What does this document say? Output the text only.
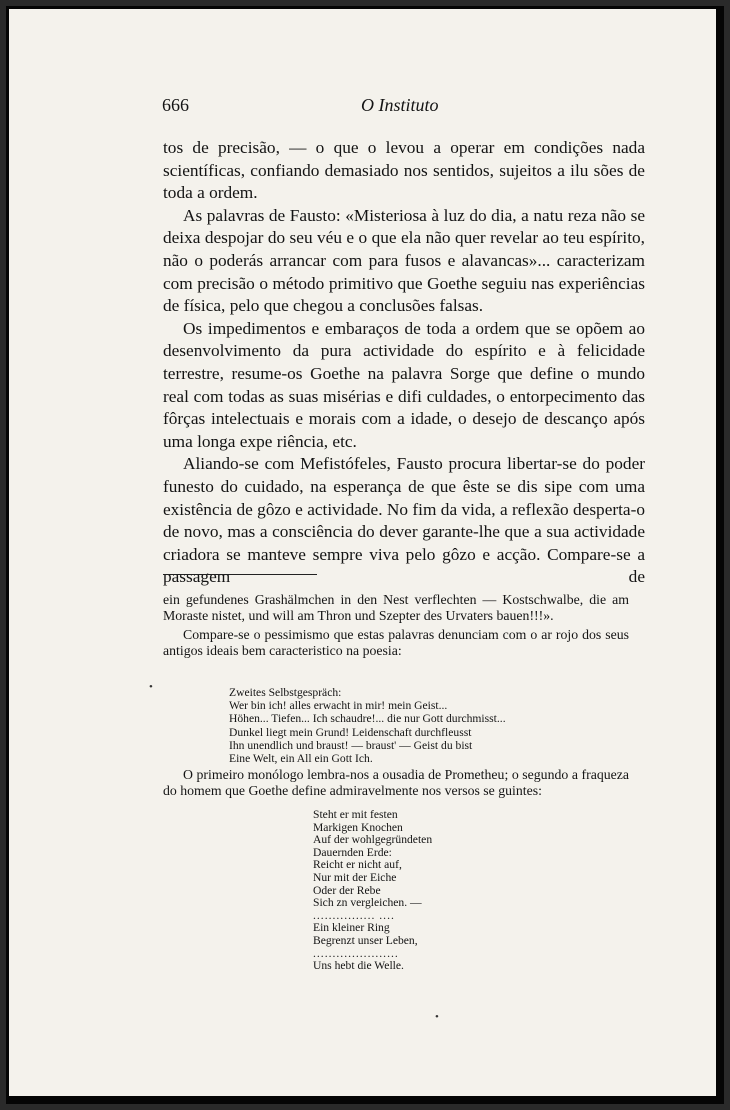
666	O Instituto

tos de precisão, — o que o levou a operar em condições nada scientíficas, confiando demasiado nos sentidos, sujeitos a ilu sões de toda a ordem.

As palavras de Fausto: «Misteriosa à luz do dia, a natu reza não se deixa despojar do seu véu e o que ela não quer revelar ao teu espírito, não o poderás arrancar com para fusos e alavancas»... caracterizam com precisão o método primitivo que Goethe seguiu nas experiências de física, pelo que chegou a conclusões falsas.

Os impedimentos e embaraços de toda a ordem que se opõem ao desenvolvimento da pura actividade do espírito e à felicidade terrestre, resume-os Goethe na palavra Sorge que define o mundo real com todas as suas misérias e difi culdades, o entorpecimento das fôrças intelectuais e morais com a idade, o desejo de descanço após uma longa expe riência, etc.

Aliando-se com Mefistófeles, Fausto procura libertar-se do poder funesto do cuidado, na esperança de que êste se dis sipe com uma existência de gôzo e actividade. No fim da vida, a reflexão desperta-o de novo, mas a consciência do dever garante-lhe que a sua actividade criadora se manteve sempre viva pelo gôzo e acção. Compare-se a passagem de

ein gefundenes Grashälmchen in den Nest verflechten — Kostschwalbe, die am Moraste nistet, und will am Thron und Szepter des Urvaters bauen!!!».

Compare-se o pessimismo que estas palavras denunciam com o ar rojo dos seus antigos ideais bem caracteristico na poesia:

Zweites Selbstgespräch:
Wer bin ich! alles erwacht in mir! mein Geist...
Höhen... Tiefen... Ich schaudre!... die nur Gott durchmisst...
Dunkel liegt mein Grund! Leidenschaft durchfleusst
Ihn unendlich und braust! — braust' — Geist du bist
Eine Welt, ein All ein Gott Ich.

O primeiro monólogo lembra-nos a ousadia de Prometheu; o segundo a fraqueza do homem que Goethe define admiravelmente nos versos se guintes:

Steht er mit festen
Markigen Knochen
Auf der wohlgegründeten
Dauernden Erde:
Reicht er nicht auf,
Nur mit der Eiche
Oder der Rebe
Sich zn vergleichen. —
................ ....
Ein kleiner Ring
Begrenzt unser Leben,
......................
Uns hebt die Welle.
•
•
